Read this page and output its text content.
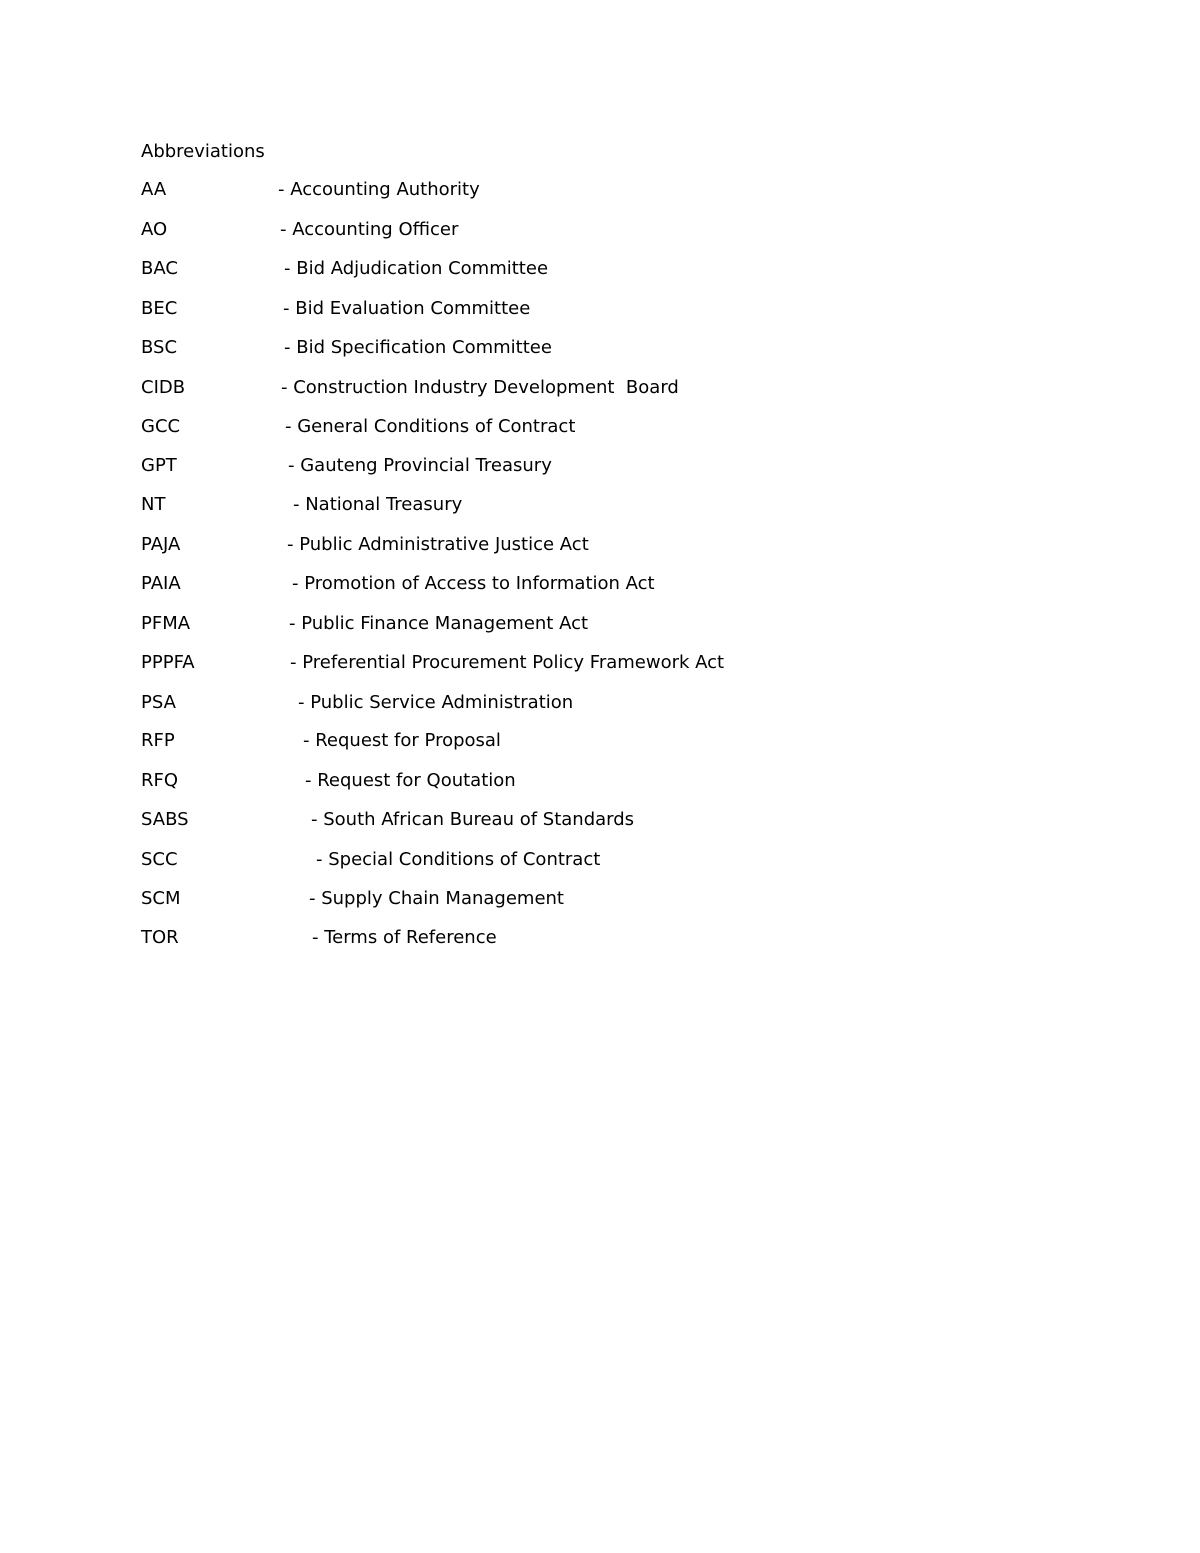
Abbreviations
AA	- Accounting Authority
AO	- Accounting Officer
BAC	- Bid Adjudication Committee
BEC	- Bid Evaluation Committee
BSC	- Bid Specification Committee
CIDB	- Construction Industry Development  Board
GCC	- General Conditions of Contract
GPT	- Gauteng Provincial Treasury
NT	- National Treasury
PAJA	- Public Administrative Justice Act
PAIA	- Promotion of Access to Information Act
PFMA	- Public Finance Management Act
PPPFA	- Preferential Procurement Policy Framework Act
PSA	- Public Service Administration
RFP	- Request for Proposal
RFQ	- Request for Qoutation
SABS	- South African Bureau of Standards
SCC	- Special Conditions of Contract
SCM	- Supply Chain Management
TOR	- Terms of Reference
